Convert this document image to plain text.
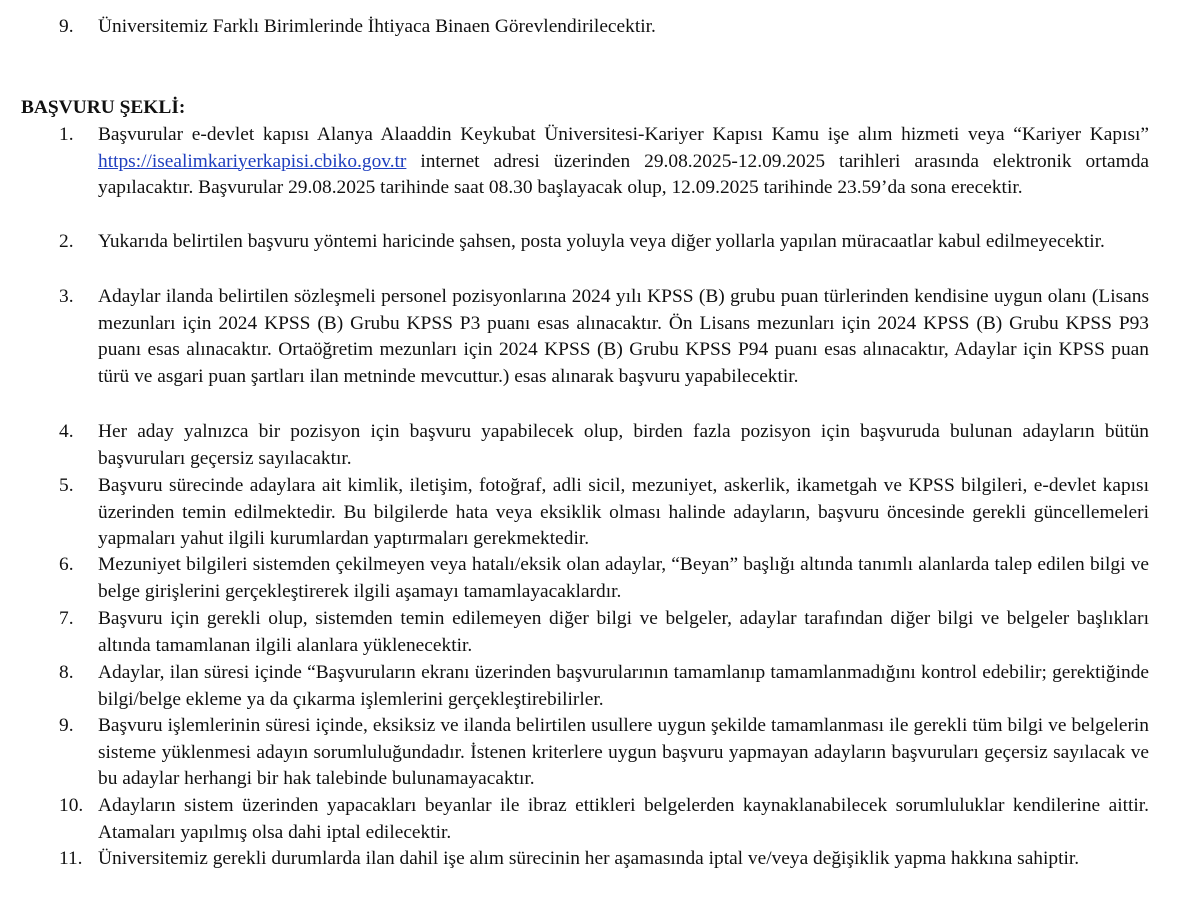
9.	Üniversitemiz Farklı Birimlerinde İhtiyaca Binaen Görevlendirilecektir.
BAŞVURU ŞEKLİ:
1.	Başvurular e-devlet kapısı Alanya Alaaddin Keykubat Üniversitesi-Kariyer Kapısı Kamu işe alım hizmeti veya “Kariyer Kapısı” https://isealimkariyerkapisi.cbiko.gov.tr internet adresi üzerinden 29.08.2025-12.09.2025 tarihleri arasında elektronik ortamda yapılacaktır. Başvurular 29.08.2025 tarihinde saat 08.30 başlayacak olup, 12.09.2025 tarihinde 23.59’da sona erecektir.
2.	Yukarıda belirtilen başvuru yöntemi haricinde şahsen, posta yoluyla veya diğer yollarla yapılan müracaatlar kabul edilmeyecektir.
3.	Adaylar ilanda belirtilen sözleşmeli personel pozisyonlarına 2024 yılı KPSS (B) grubu puan türlerinden kendisine uygun olanı (Lisans mezunları için 2024 KPSS (B) Grubu KPSS P3 puanı esas alınacaktır. Ön Lisans mezunları için 2024 KPSS (B) Grubu KPSS P93 puanı esas alınacaktır. Ortaöğretim mezunları için 2024 KPSS (B) Grubu KPSS P94 puanı esas alınacaktır, Adaylar için KPSS puan türü ve asgari puan şartları ilan metninde mevcuttur.) esas alınarak başvuru yapabilecektir.
4.	Her aday yalnızca bir pozisyon için başvuru yapabilecek olup, birden fazla pozisyon için başvuruda bulunan adayların bütün başvuruları geçersiz sayılacaktır.
5.	Başvuru sürecinde adaylara ait kimlik, iletişim, fotoğraf, adli sicil, mezuniyet, askerlik, ikametgah ve KPSS bilgileri, e-devlet kapısı üzerinden temin edilmektedir. Bu bilgilerde hata veya eksiklik olması halinde adayların, başvuru öncesinde gerekli güncellemeleri yapmaları yahut ilgili kurumlardan yaptırmaları gerekmektedir.
6.	Mezuniyet bilgileri sistemden çekilmeyen veya hatalı/eksik olan adaylar, “Beyan” başlığı altında tanımlı alanlarda talep edilen bilgi ve belge girişlerini gerçekleştirerek ilgili aşamayı tamamlayacaklardır.
7.	Başvuru için gerekli olup, sistemden temin edilemeyen diğer bilgi ve belgeler, adaylar tarafından diğer bilgi ve belgeler başlıkları altında tamamlanan ilgili alanlara yüklenecektir.
8.	Adaylar, ilan süresi içinde “Başvuruların ekranı üzerinden başvurularının tamamlanıp tamamlanmadığını kontrol edebilir; gerektiğinde bilgi/belge ekleme ya da çıkarma işlemlerini gerçekleştirebilirler.
9.	Başvuru işlemlerinin süresi içinde, eksiksiz ve ilanda belirtilen usullere uygun şekilde tamamlanması ile gerekli tüm bilgi ve belgelerin sisteme yüklenmesi adayın sorumluluğundadır. İstenen kriterlere uygun başvuru yapmayan adayların başvuruları geçersiz sayılacak ve bu adaylar herhangi bir hak talebinde bulunamayacaktır.
10. Adayların sistem üzerinden yapacakları beyanlar ile ibraz ettikleri belgelerden kaynaklanabilecek sorumluluklar kendilerine aittir. Atamaları yapılmış olsa dahi iptal edilecektir.
11. Üniversitemiz gerekli durumlarda ilan dahil işe alım sürecinin her aşamasında iptal ve/veya değişiklik yapma hakkına sahiptir.
